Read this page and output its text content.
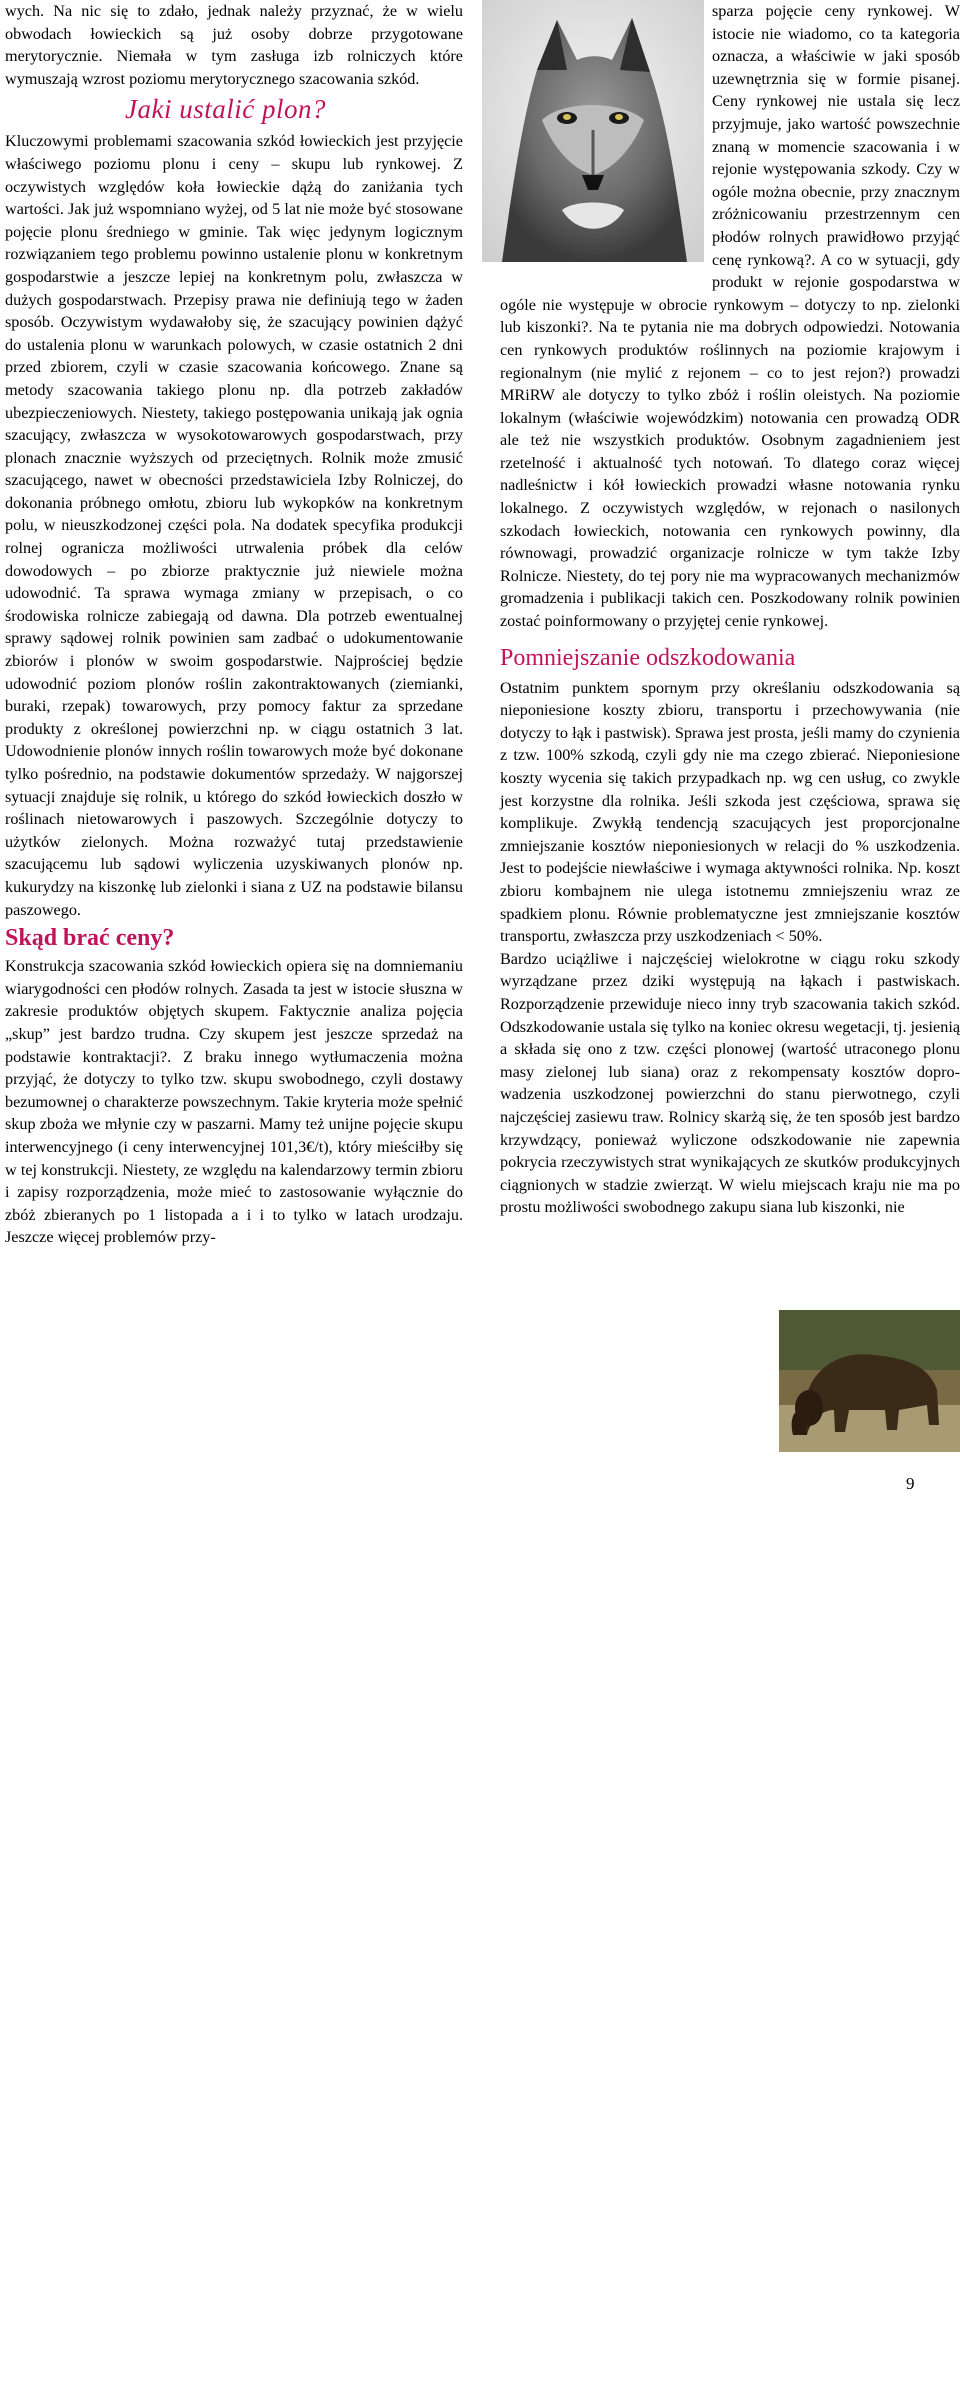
wych. Na nic się to zdało, jednak należy przyznać, że w wielu obwodach łowieckich są już osoby dobrze przygotowane merytorycznie. Niemała w tym zasługa izb rolniczych które wymuszają wzrost poziomu merytorycznego szacowania szkód.

Jaki ustalić plon?

Kluczowymi problemami szacowania szkód łowieckich jest przyjęcie właściwego poziomu plonu i ceny – skupu lub rynkowej. Z oczywistych względów koła łowieckie dążą do zaniżania tych wartości. Jak już wspomniano wyżej, od 5 lat nie może być stosowane pojęcie plonu średniego w gminie. Tak więc jedynym logicznym rozwiązaniem tego problemu powinno ustalenie plonu w konkretnym gospodarstwie a jeszcze lepiej na konkretnym polu, zwłaszcza w dużych gospodarstwach. Przepisy prawa nie definiują tego w żaden sposób. Oczywistym wydawałoby się, że szacujący powinien dążyć do ustalenia plonu w warunkach polowych, w czasie ostatnich 2 dni przed zbiorem, czyli w czasie szacowania końcowego. Znane są metody szacowania takiego plonu np. dla potrzeb zakładów ubezpieczeniowych. Niestety, takiego postępowania unikają jak ognia szacujący, zwłaszcza w wysokotowarowych gospodarstwach, przy plonach znacznie wyższych od przeciętnych. Rolnik może zmusić szacującego, nawet w obecności przedstawiciela Izby Rolniczej, do dokonania próbnego omłotu, zbioru lub wykopków na konkretnym polu, w nieuszkodzonej części pola. Na dodatek specyfika produkcji rolnej ogranicza możliwości utrwalenia próbek dla celów dowodowych – po zbiorze praktycznie już niewiele można udowodnić. Ta sprawa wymaga zmiany w przepisach, o co środowiska rolnicze zabiegają od dawna. Dla potrzeb ewentualnej sprawy sądowej rolnik powinien sam zadbać o udokumentowanie zbiorów i plonów w swoim gospodarstwie. Najprościej będzie udowodnić poziom plonów roślin zakontraktowanych (ziemianki, buraki, rzepak) towarowych, przy pomocy faktur za sprzedane produkty z określonej powierzchni np. w ciągu ostatnich 3 lat. Udowodnienie plonów innych roślin towarowych może być dokonane tylko pośrednio, na podstawie dokumentów sprzedaży. W najgorszej sytuacji znajduje się rolnik, u którego do szkód łowieckich doszło w roślinach nietowarowych i paszowych. Szczególnie dotyczy to użytków zielonych. Można rozważyć tutaj przedstawienie szacującemu lub sądowi wyliczenia uzyskiwanych plonów np. kukurydzy na kiszonkę lub zielonki i siana z UZ na podstawie bilansu paszowego.

Skąd brać ceny?

Konstrukcja szacowania szkód łowieckich opiera się na domniemaniu wiarygodności cen płodów rolnych. Zasada ta jest w istocie słuszna w zakresie produktów objętych skupem. Faktycznie analiza pojęcia „skup” jest bardzo trudna. Czy skupem jest jeszcze sprzedaż na podstawie kontraktacji?. Z braku innego wytłumaczenia można przyjąć, że dotyczy to tylko tzw. skupu swobodnego, czyli dostawy bezumownej o charakterze powszechnym. Takie kryteria może spełnić skup zboża we młynie czy w paszarni. Mamy też unijne pojęcie skupu interwencyjnego (i ceny interwencyjnej 101,3€/t), który mieściłby się w tej konstrukcji. Niestety, ze względu na kalendarzowy termin zbioru i zapisy rozporządzenia, może mieć to zastosowanie wyłącznie do zbóż zbieranych po 1 listopada a i i to tylko w latach urodzaju. Jeszcze więcej problemów przy-

sparza pojęcie ceny rynkowej. W istocie nie wiadomo, co ta kategoria oznacza, a właściwie w jaki sposób uzewnętrznia się w formie pisanej. Ceny rynkowej nie ustala się lecz przyjmuje, jako wartość powszechnie znaną w momencie szacowania i w rejonie występowania szkody. Czy w ogóle można obecnie, przy znacznym zróżnicowaniu przestrzennym cen płodów rolnych prawidłowo przyjąć cenę rynkową?. A co w sytuacji, gdy produkt w rejonie gospodarstwa w ogóle nie występuje w obrocie rynkowym – dotyczy to np. zielonki lub kiszonki?. Na te pytania nie ma dobrych odpowiedzi. Notowania cen rynkowych produktów roślinnych na poziomie krajowym i regionalnym (nie mylić z rejonem – co to jest rejon?) prowadzi MRiRW ale dotyczy to tylko zbóż i roślin oleistych. Na poziomie lokalnym (właściwie wojewódzkim) notowania cen prowadzą ODR ale też nie wszystkich produktów. Osobnym zagadnieniem jest rzetelność i aktualność tych notowań. To dlatego coraz więcej nadleśnictw i kół łowieckich prowadzi własne notowania rynku lokalnego. Z oczywistych względów, w rejonach o nasilonych szkodach łowieckich, notowania cen rynkowych powinny, dla równowagi, prowadzić organizacje rolnicze w tym także Izby Rolnicze. Niestety, do tej pory nie ma wypracowanych mechanizmów gromadzenia i publikacji takich cen. Poszkodowany rolnik powinien zostać poinformowany o przyjętej cenie rynkowej.

Pomniejszanie odszkodowania

Ostatnim punktem spornym przy określaniu odszkodowania są nieponiesione koszty zbioru, transportu i przechowywania (nie dotyczy to łąk i pastwisk). Sprawa jest prosta, jeśli mamy do czynienia z tzw. 100% szkodą, czyli gdy nie ma czego zbierać. Nieponiesione koszty wycenia się takich przypadkach np. wg cen usług, co zwykle jest korzystne dla rolnika. Jeśli szkoda jest częściowa, sprawa się komplikuje. Zwykłą tendencją szacujących jest proporcjonalne zmniejszanie kosztów nieponiesionych w relacji do % uszkodzenia. Jest to podejście niewłaściwe i wymaga aktywności rolnika. Np. koszt zbioru kombajnem nie ulega istotnemu zmniejszeniu wraz ze spadkiem plonu. Równie problematyczne jest zmniejszanie kosztów transportu, zwłaszcza przy uszkodzeniach < 50%.

Bardzo uciążliwe i najczęściej wielokrotne w ciągu roku szkody wyrządzane przez dziki występują na łąkach i pastwiskach. Rozporządzenie przewiduje nieco inny tryb szacowania takich szkód. Odszkodowanie ustala się tylko na koniec okresu wegetacji, tj. jesienią a składa się ono z tzw. części plonowej (wartość utraconego plonu masy zielonej lub siana) oraz z rekompensaty kosztów dopro-wadzenia uszkodzonej powierzchni do stanu pierwotnego, czyli najczęściej zasiewu traw. Rolnicy skarżą się, że ten sposób jest bardzo krzywdzący, ponieważ wyliczone odszkodowanie nie zapewnia pokrycia rzeczywistych strat wynikających ze skutków produkcyjnych ciągnionych w stadzie zwierząt. W wielu miejscach kraju nie ma po prostu możliwości swobodnego zakupu siana lub kiszonki, nie

9
